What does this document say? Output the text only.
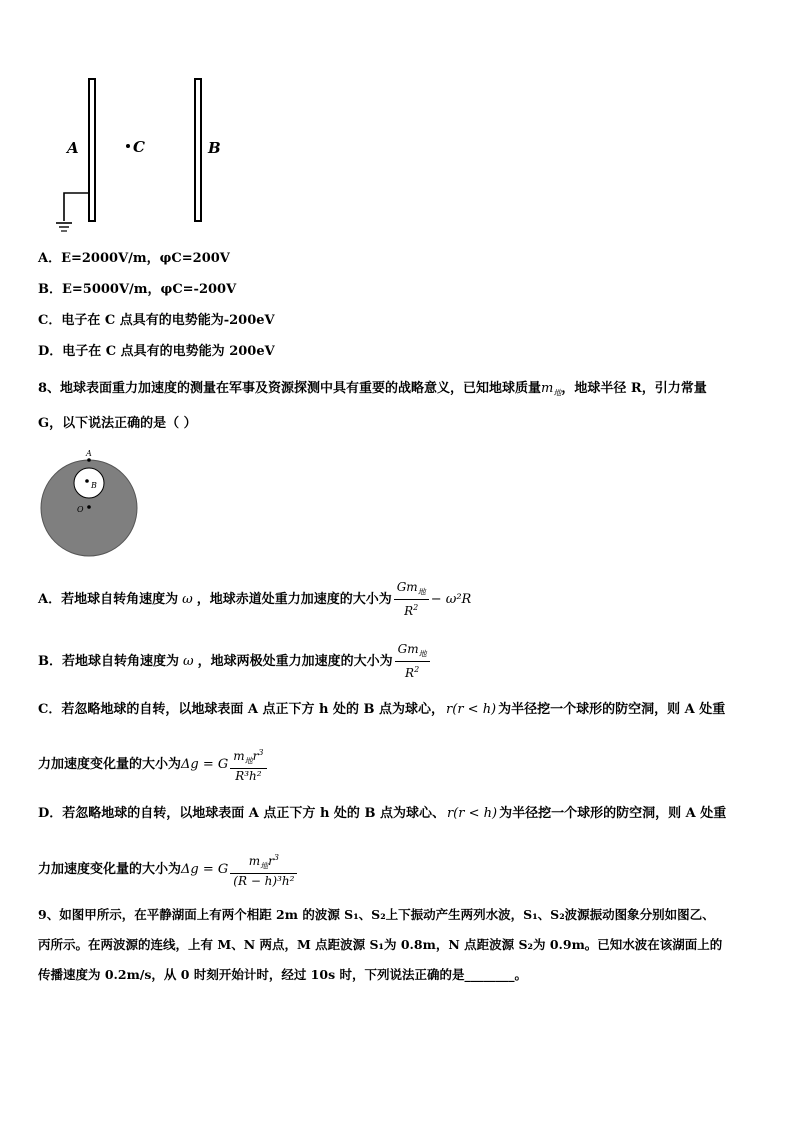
A	C	B
A．E=2000V/m，φC=200V
B．E=5000V/m，φC=-200V
C．电子在 C 点具有的电势能为-200eV
D．电子在 C 点具有的电势能为 200eV
8、地球表面重力加速度的测量在军事及资源探测中具有重要的战略意义，已知地球质量$m_地$，地球半径 R，引力常量
G，以下说法正确的是（ ）
A
B
O
A．若地球自转角速度为 ω ，地球赤道处重力加速度的大小为 $\frac{Gm_地}{R^2} - \omega^2R$
B．若地球自转角速度为 ω ，地球两极处重力加速度的大小为 $\frac{Gm_地}{R^2}$
C．若忽略地球的自转，以地球表面 A 点正下方 h 处的 B 点为球心， r(r < h) 为半径挖一个球形的防空洞，则 A 处重
力加速度变化量的大小为Δg = G $\frac{m_地r^3}{\text{R³h²}}$
D．若忽略地球的自转，以地球表面 A 点正下方 h 处的 B 点为球心、 r(r < h) 为半径挖一个球形的防空洞，则 A 处重
力加速度变化量的大小为Δg = G $\frac{m_地r^3}{\text{(R − h)³h²}}$
9、如图甲所示，在平静湖面上有两个相距 2m 的波源 S₁、S₂上下振动产生两列水波，S₁、S₂波源振动图象分别如图乙、
丙所示。在两波源的连线，上有 M、N 两点，M 点距波源 S₁为 0.8m，N 点距波源 S₂为 0.9m。已知水波在该湖面上的
传播速度为 0.2m/s，从 0 时刻开始计时，经过 10s 时，下列说法正确的是________。
